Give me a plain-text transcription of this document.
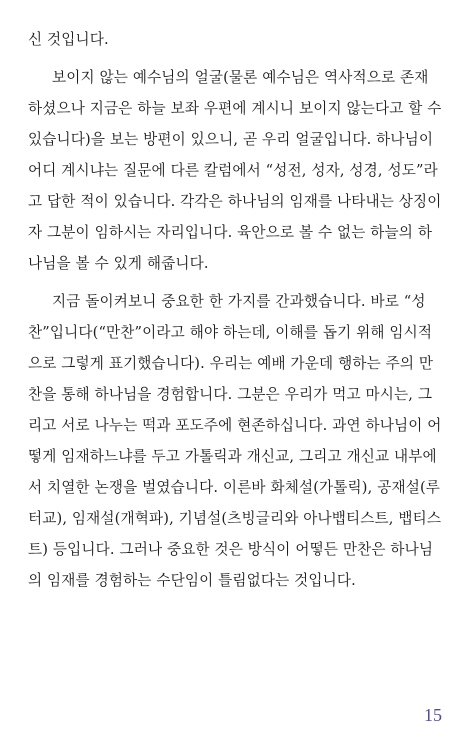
신 것입니다.
보이지 않는 예수님의 얼굴(물론 예수님은 역사적으로 존재
하셨으나 지금은 하늘 보좌 우편에 계시니 보이지 않는다고 할 수
있습니다)을 보는 방편이 있으니, 곧 우리 얼굴입니다. 하나님이
어디 계시냐는 질문에 다른 칼럼에서 “성전, 성자, 성경, 성도”라
고 답한 적이 있습니다. 각각은 하나님의 임재를 나타내는 상징이
자 그분이 임하시는 자리입니다. 육안으로 볼 수 없는 하늘의 하
나님을 볼 수 있게 해줍니다.
지금 돌이켜보니 중요한 한 가지를 간과했습니다. 바로 “성
찬”입니다(“만찬”이라고 해야 하는데, 이해를 돕기 위해 임시적
으로 그렇게 표기했습니다). 우리는 예배 가운데 행하는 주의 만
찬을 통해 하나님을 경험합니다. 그분은 우리가 먹고 마시는, 그
리고 서로 나누는 떡과 포도주에 현존하십니다. 과연 하나님이 어
떻게 임재하느냐를 두고 가톨릭과 개신교, 그리고 개신교 내부에
서 치열한 논쟁을 벌였습니다. 이른바 화체설(가톨릭), 공재설(루
터교), 임재설(개혁파), 기념설(츠빙글리와 아나뱁티스트, 뱁티스
트) 등입니다. 그러나 중요한 것은 방식이 어떻든 만찬은 하나님
의 임재를 경험하는 수단임이 틀림없다는 것입니다.
15
